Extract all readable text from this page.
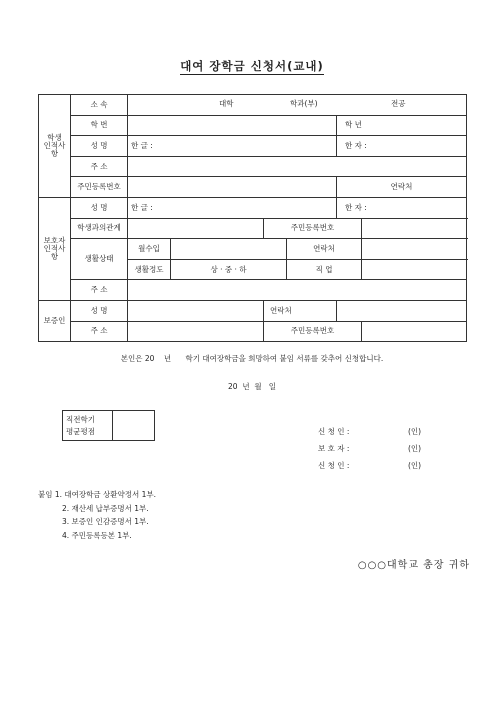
대여 장학금 신청서(교내)
학생
인적사항	소 속	대학 학과(부) 전공						

	학 번					학 년		
	성 명	한 글 :				한 자 :		
	주 소							
	주민등록번호					연락처		
보호자
인적사항	성 명	한 글 :				한 자 :		
	학생과의관계			주민등록번호				
	생활상태	월수입			연락처			
		생활정도	상 · 중 · 하		직 업			
	주 소							
보증인	성 명			연락처				
	주 소			주민등록번호				
본인은 20    년      학기 대여장학금을 희망하여 붙임 서류를 갖추어 신청합니다.
20  년  월   일
직전학기
평균평점		신 청 인 :	(인)
보 호 자 :	(인)
신 청 인 :	(인)
붙임 1. 대여장학금 상환약정서 1부.
2. 재산세 납부증명서 1부.
3. 보증인 인감증명서 1부.
4. 주민등록등본 1부.
○○○대학교 총장 귀하
